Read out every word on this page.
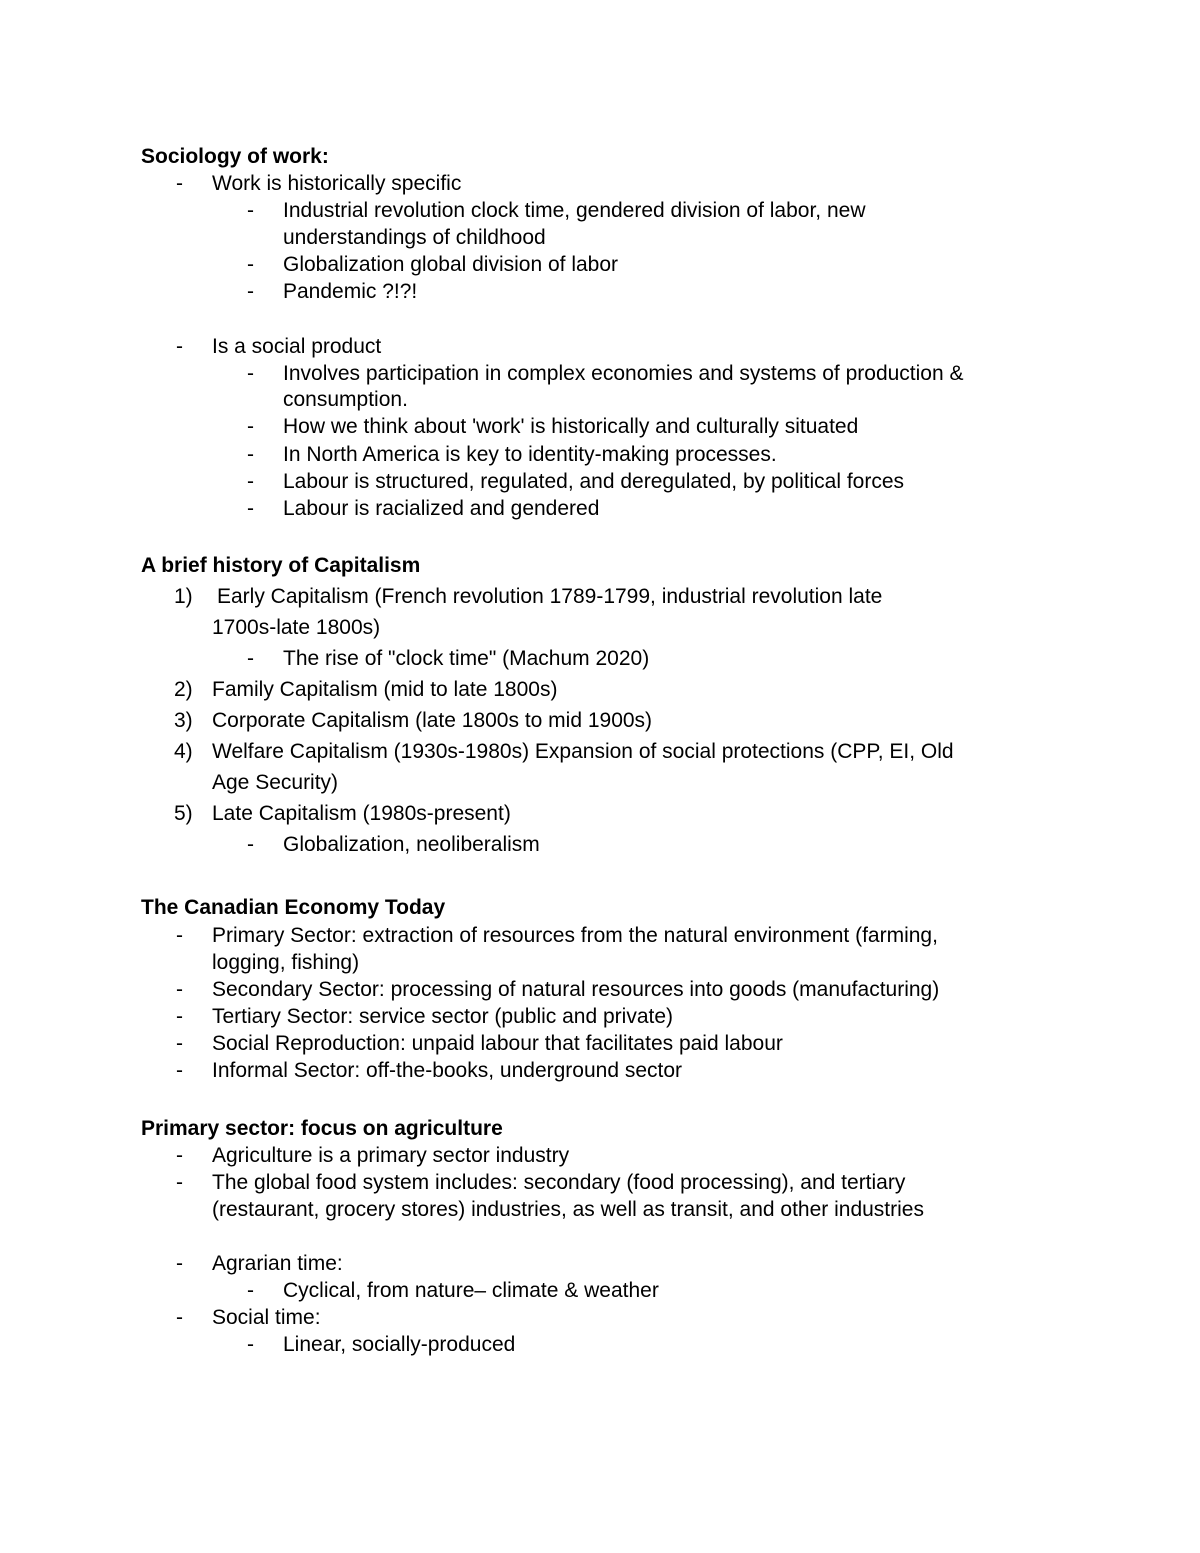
Sociology of work:
- Work is historically specific
- Industrial revolution clock time, gendered division of labor, new
understandings of childhood
- Globalization global division of labor
- Pandemic ?!?!
- Is a social product
- Involves participation in complex economies and systems of production &
consumption.
- How we think about 'work' is historically and culturally situated
- In North America is key to identity-making processes.
- Labour is structured, regulated, and deregulated, by political forces
- Labour is racialized and gendered
A brief history of Capitalism
1) Early Capitalism (French revolution 1789-1799, industrial revolution late
1700s-late 1800s)
- The rise of "clock time" (Machum 2020)
2) Family Capitalism (mid to late 1800s)
3) Corporate Capitalism (late 1800s to mid 1900s)
4) Welfare Capitalism (1930s-1980s) Expansion of social protections (CPP, EI, Old
Age Security)
5) Late Capitalism (1980s-present)
- Globalization, neoliberalism
The Canadian Economy Today
- Primary Sector: extraction of resources from the natural environment (farming,
logging, fishing)
- Secondary Sector: processing of natural resources into goods (manufacturing)
- Tertiary Sector: service sector (public and private)
- Social Reproduction: unpaid labour that facilitates paid labour
- Informal Sector: off-the-books, underground sector
Primary sector: focus on agriculture
- Agriculture is a primary sector industry
- The global food system includes: secondary (food processing), and tertiary
(restaurant, grocery stores) industries, as well as transit, and other industries
- Agrarian time:
- Cyclical, from nature– climate & weather
- Social time:
- Linear, socially-produced
